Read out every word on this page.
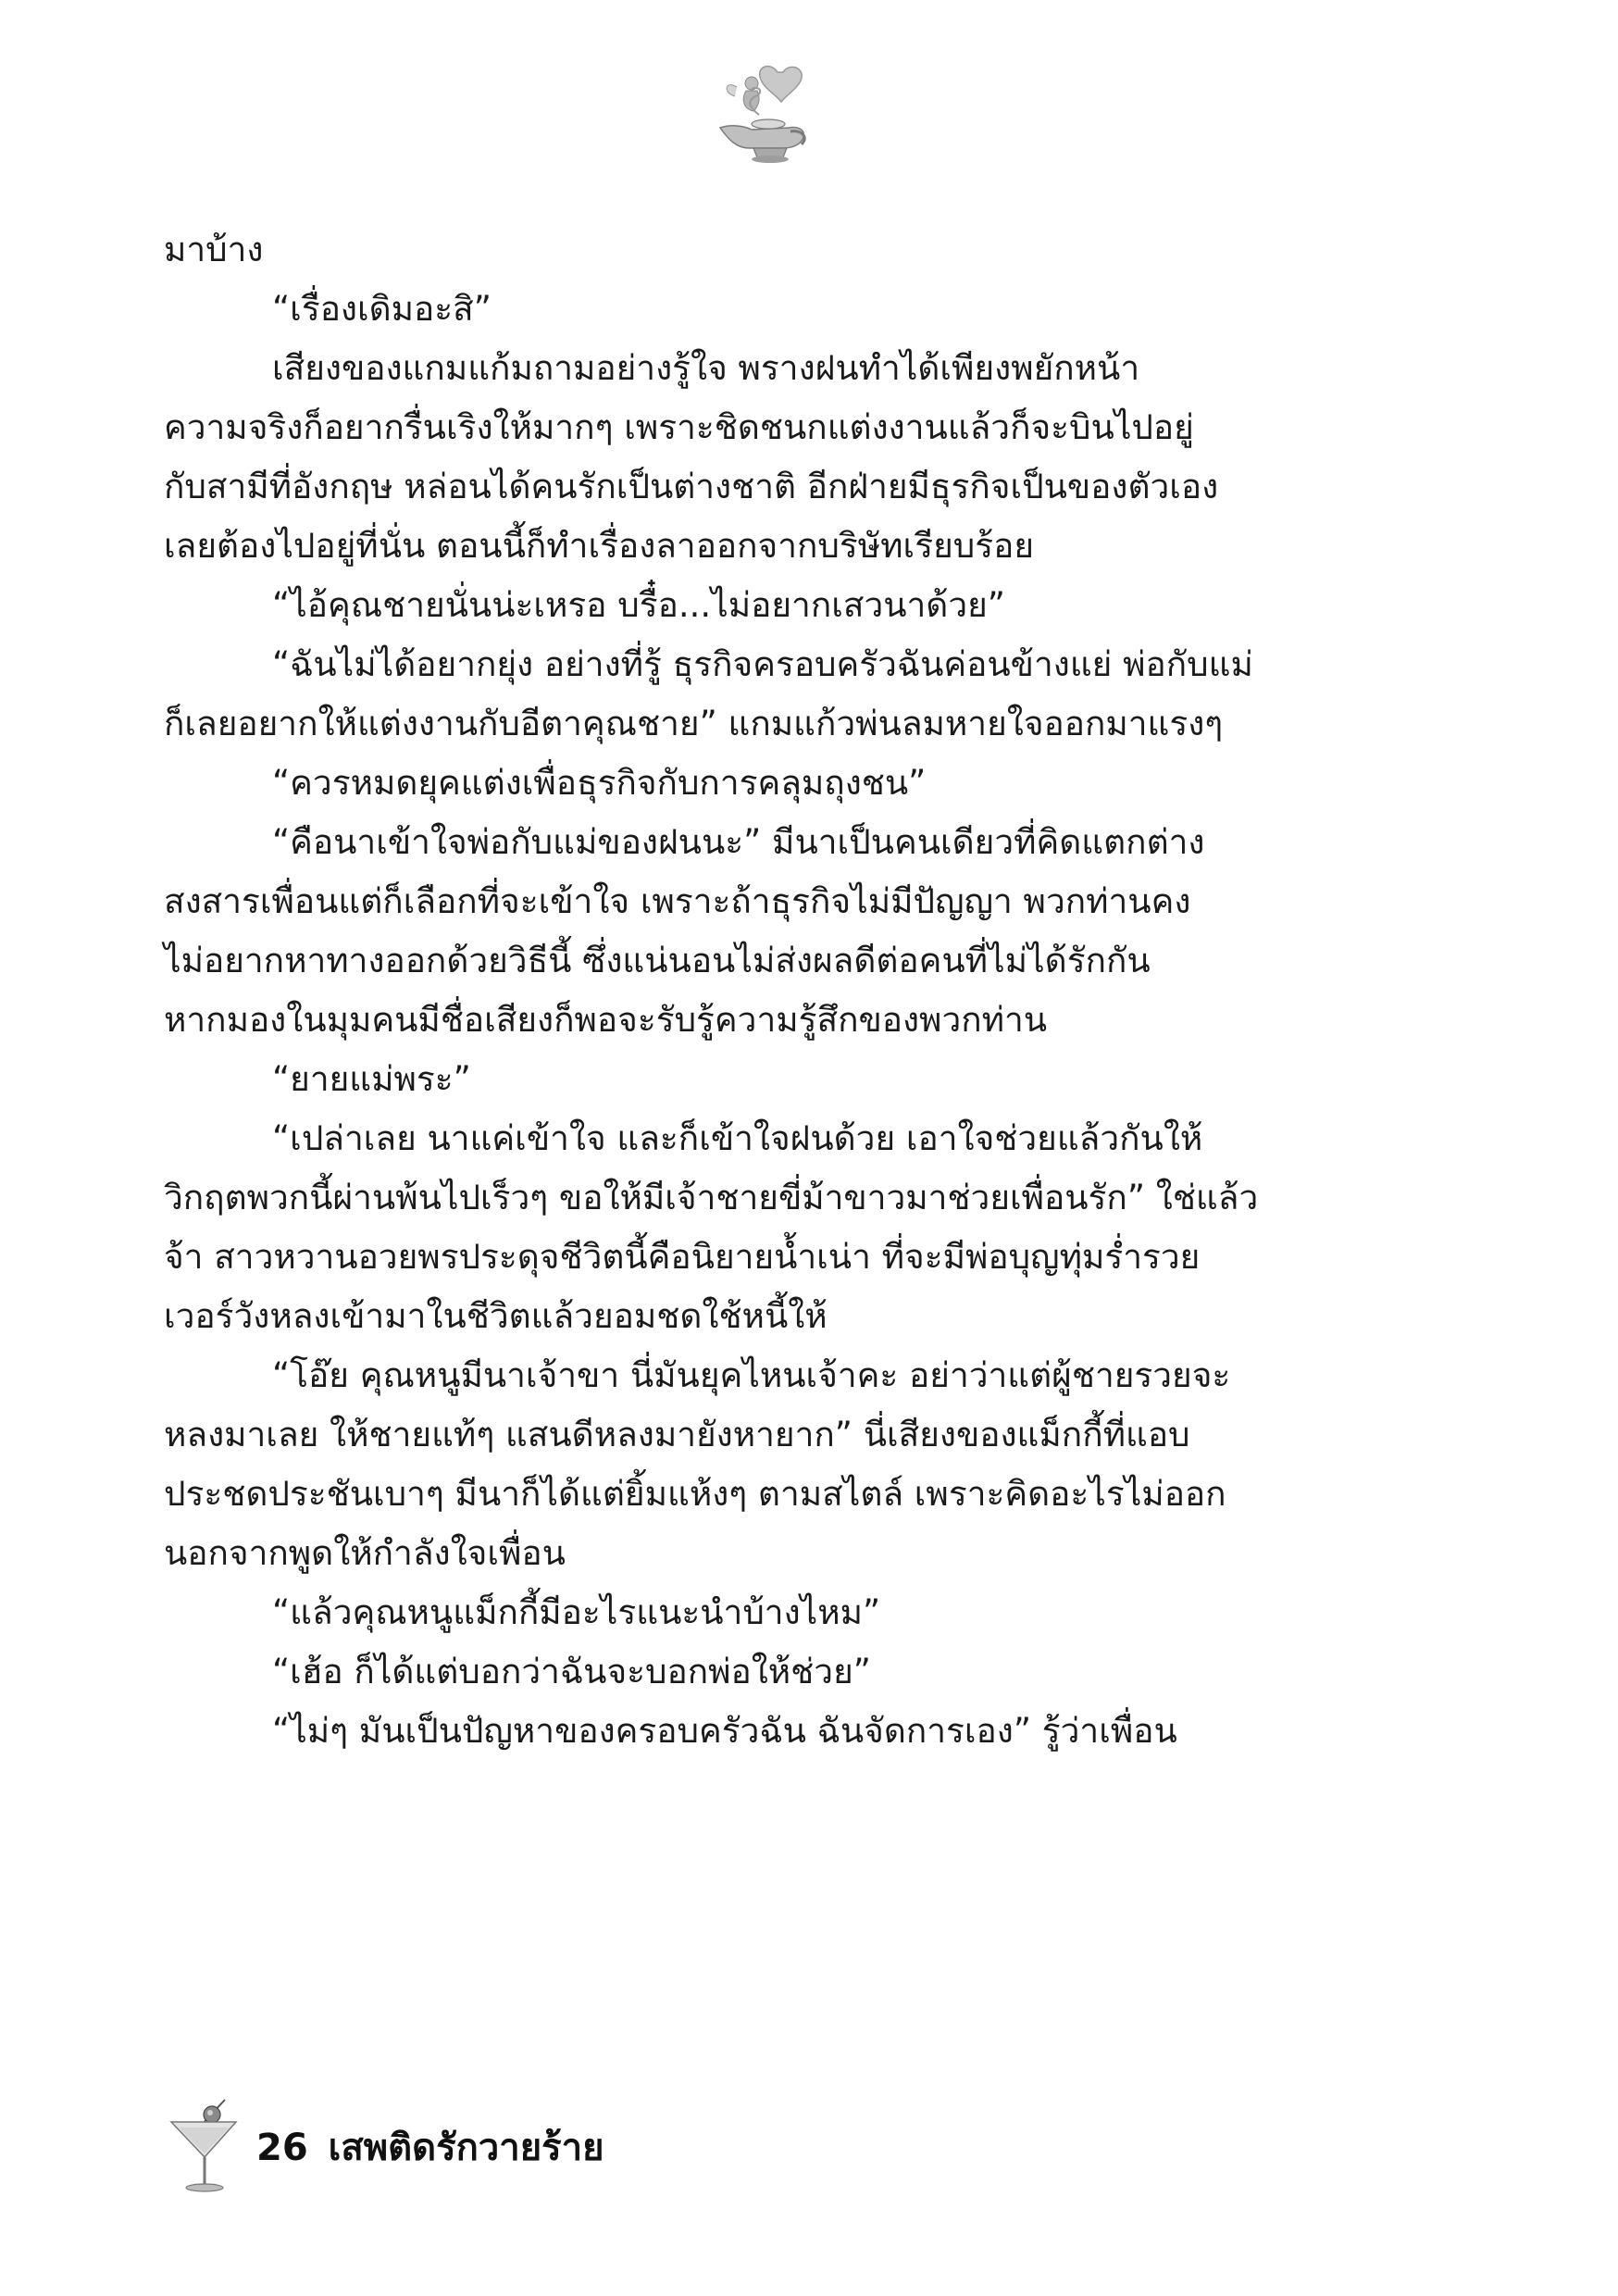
มาบ้าง

“เรื่องเดิมอะสิ”

เสียงของแกมแก้มถามอย่างรู้ใจ พรางฝนทำได้เพียงพยักหน้า

ความจริงก็อยากรื่นเริงให้มากๆ เพราะชิดชนกแต่งงานแล้วก็จะบินไปอยู่

กับสามีที่อังกฤษ หล่อนได้คนรักเป็นต่างชาติ อีกฝ่ายมีธุรกิจเป็นของตัวเอง

เลยต้องไปอยู่ที่นั่น ตอนนี้ก็ทำเรื่องลาออกจากบริษัทเรียบร้อย

“ไอ้คุณชายนั่นน่ะเหรอ บรื๋อ...ไม่อยากเสวนาด้วย”

“ฉันไม่ได้อยากยุ่ง อย่างที่รู้ ธุรกิจครอบครัวฉันค่อนข้างแย่ พ่อกับแม่

ก็เลยอยากให้แต่งงานกับอีตาคุณชาย” แกมแก้วพ่นลมหายใจออกมาแรงๆ

“ควรหมดยุคแต่งเพื่อธุรกิจกับการคลุมถุงชน”

“คือนาเข้าใจพ่อกับแม่ของฝนนะ” มีนาเป็นคนเดียวที่คิดแตกต่าง

สงสารเพื่อนแต่ก็เลือกที่จะเข้าใจ เพราะถ้าธุรกิจไม่มีปัญญา พวกท่านคง

ไม่อยากหาทางออกด้วยวิธีนี้ ซึ่งแน่นอนไม่ส่งผลดีต่อคนที่ไม่ได้รักกัน

หากมองในมุมคนมีชื่อเสียงก็พอจะรับรู้ความรู้สึกของพวกท่าน

“ยายแม่พระ”

“เปล่าเลย นาแค่เข้าใจ และก็เข้าใจฝนด้วย เอาใจช่วยแล้วกันให้

วิกฤตพวกนี้ผ่านพ้นไปเร็วๆ ขอให้มีเจ้าชายขี่ม้าขาวมาช่วยเพื่อนรัก” ใช่แล้ว

จ้า สาวหวานอวยพรประดุจชีวิตนี้คือนิยายน้ำเน่า ที่จะมีพ่อบุญทุ่มร่ำรวย

เวอร์วังหลงเข้ามาในชีวิตแล้วยอมชดใช้หนี้ให้

“โอ๊ย คุณหนูมีนาเจ้าขา นี่มันยุคไหนเจ้าคะ อย่าว่าแต่ผู้ชายรวยจะ

หลงมาเลย ให้ชายแท้ๆ แสนดีหลงมายังหายาก” นี่เสียงของแม็กกี้ที่แอบ

ประชดประชันเบาๆ มีนาก็ได้แต่ยิ้มแห้งๆ ตามสไตล์ เพราะคิดอะไรไม่ออก

นอกจากพูดให้กำลังใจเพื่อน

“แล้วคุณหนูแม็กกี้มีอะไรแนะนำบ้างไหม”

“เฮ้อ ก็ได้แต่บอกว่าฉันจะบอกพ่อให้ช่วย”

“ไม่ๆ มันเป็นปัญหาของครอบครัวฉัน ฉันจัดการเอง” รู้ว่าเพื่อน

26 เสพติดรักวายร้าย
